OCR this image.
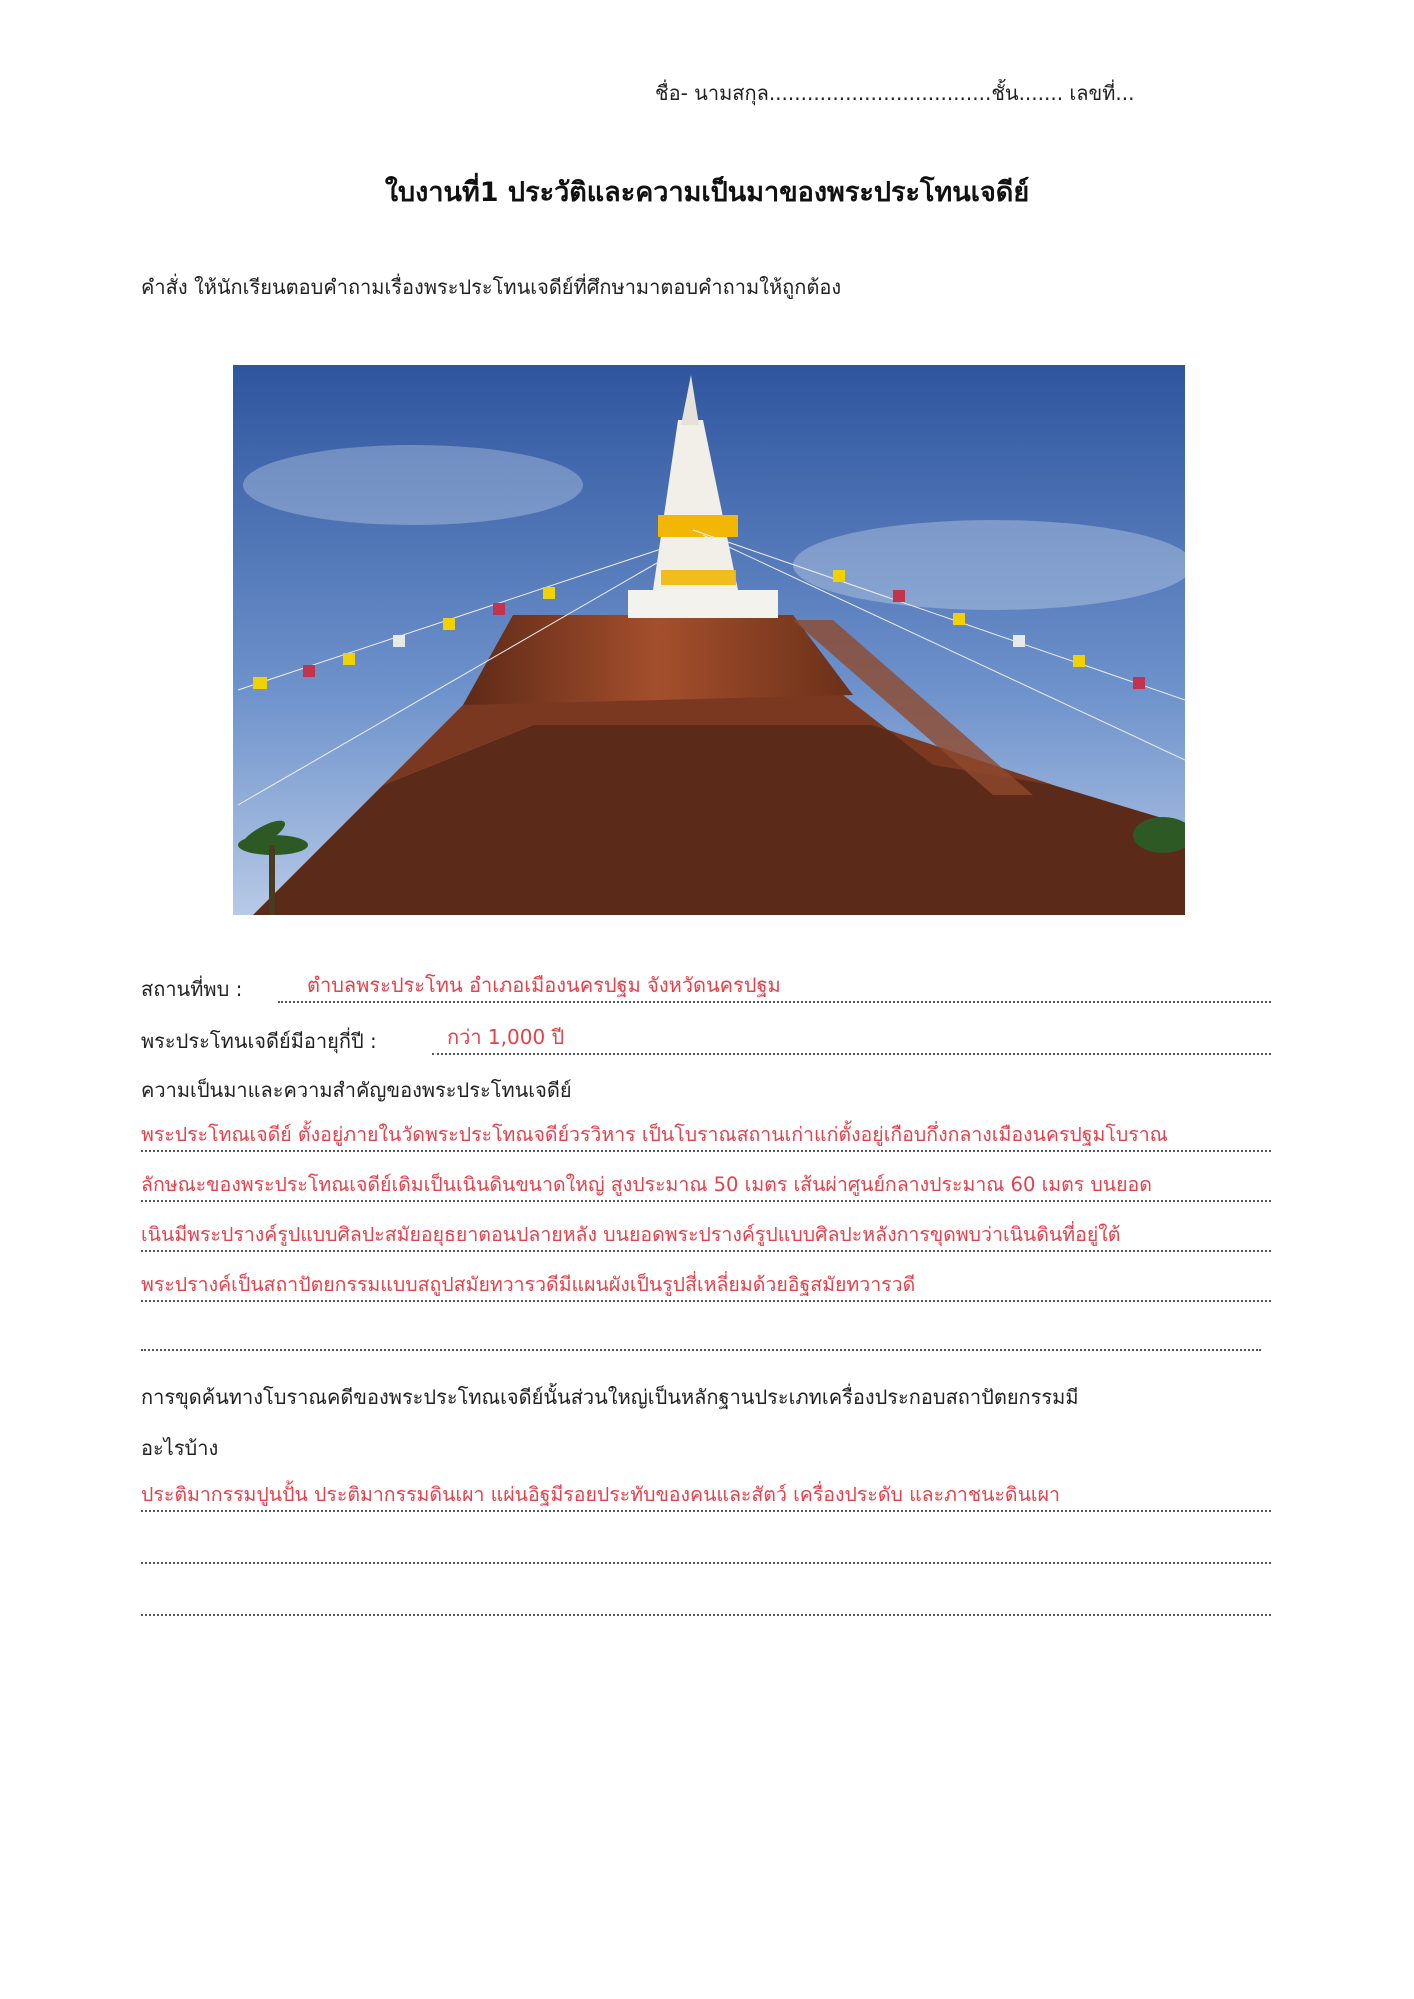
ชื่อ- นามสกุล...................................ชั้น....... เลขที่...
ใบงานที่1 ประวัติและความเป็นมาของพระประโทนเจดีย์
คำสั่ง ให้นักเรียนตอบคำถามเรื่องพระประโทนเจดีย์ที่ศึกษามาตอบคำถามให้ถูกต้อง
สถานที่พบ :	ตำบลพระประโทน อำเภอเมืองนครปฐม จังหวัดนครปฐม
พระประโทนเจดีย์มีอายุกี่ปี :	กว่า 1,000 ปี
ความเป็นมาและความสำคัญของพระประโทนเจดีย์
พระประโทณเจดีย์ ตั้งอยู่ภายในวัดพระประโทณจดีย์วรวิหาร เป็นโบราณสถานเก่าแก่ตั้งอยู่เกือบกึ่งกลางเมืองนครปฐมโบราณ
ลักษณะของพระประโทณเจดีย์เดิมเป็นเนินดินขนาดใหญ่ สูงประมาณ 50 เมตร เส้นผ่าศูนย์กลางประมาณ 60 เมตร บนยอด
เนินมีพระปรางค์รูปแบบศิลปะสมัยอยุธยาตอนปลายหลัง บนยอดพระปรางค์รูปแบบศิลปะหลังการขุดพบว่าเนินดินที่อยู่ใต้
พระปรางค์เป็นสถาปัตยกรรมแบบสถูปสมัยทวารวดีมีแผนผังเป็นรูปสี่เหลี่ยมด้วยอิฐสมัยทวารวดี
การขุดค้นทางโบราณคดีของพระประโทณเจดีย์นั้นส่วนใหญ่เป็นหลักฐานประเภทเครื่องประกอบสถาปัตยกรรมมี
อะไรบ้าง
ประติมากรรมปูนปั้น ประติมากรรมดินเผา แผ่นอิฐมีรอยประทับของคนและสัตว์ เครื่องประดับ และภาชนะดินเผา
